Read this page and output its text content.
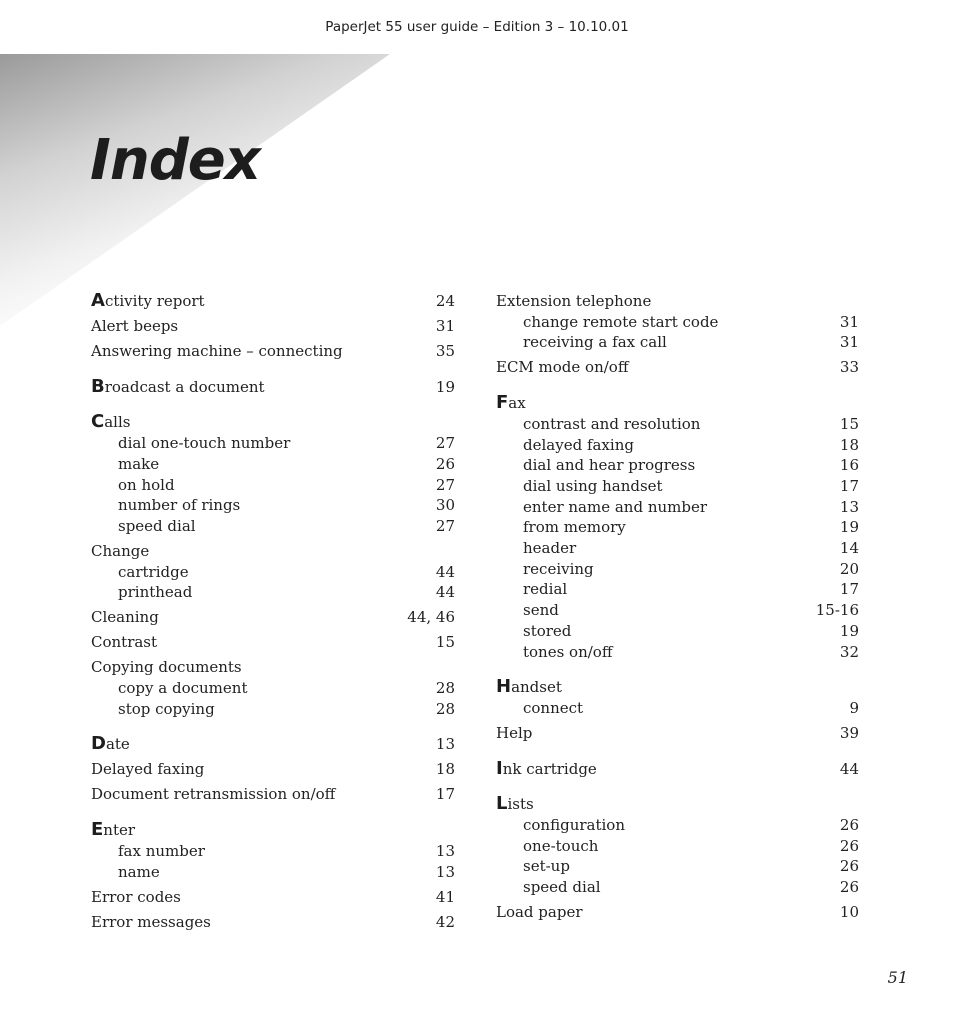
PaperJet 55 user guide – Edition 3 – 10.10.01
Index
Activity report	24
Alert beeps	31
Answering machine – connecting	35
Broadcast a document	19
Calls
dial one-touch number	27
make	26
on hold	27
number of rings	30
speed dial	27
Change
cartridge	44
printhead	44
Cleaning	44, 46
Contrast	15
Copying documents
copy a document	28
stop copying	28
Date	13
Delayed faxing	18
Document retransmission on/off	17
Enter
fax number	13
name	13
Error codes	41
Error messages	42
Extension telephone
change remote start code	31
receiving a fax call	31
ECM mode on/off	33
Fax
contrast and resolution	15
delayed faxing	18
dial and hear progress	16
dial using handset	17
enter name and number	13
from memory	19
header	14
receiving	20
redial	17
send	15-16
stored	19
tones on/off	32
Handset
connect	9
Help	39
Ink cartridge	44
Lists
configuration	26
one-touch	26
set-up	26
speed dial	26
Load paper	10
51
